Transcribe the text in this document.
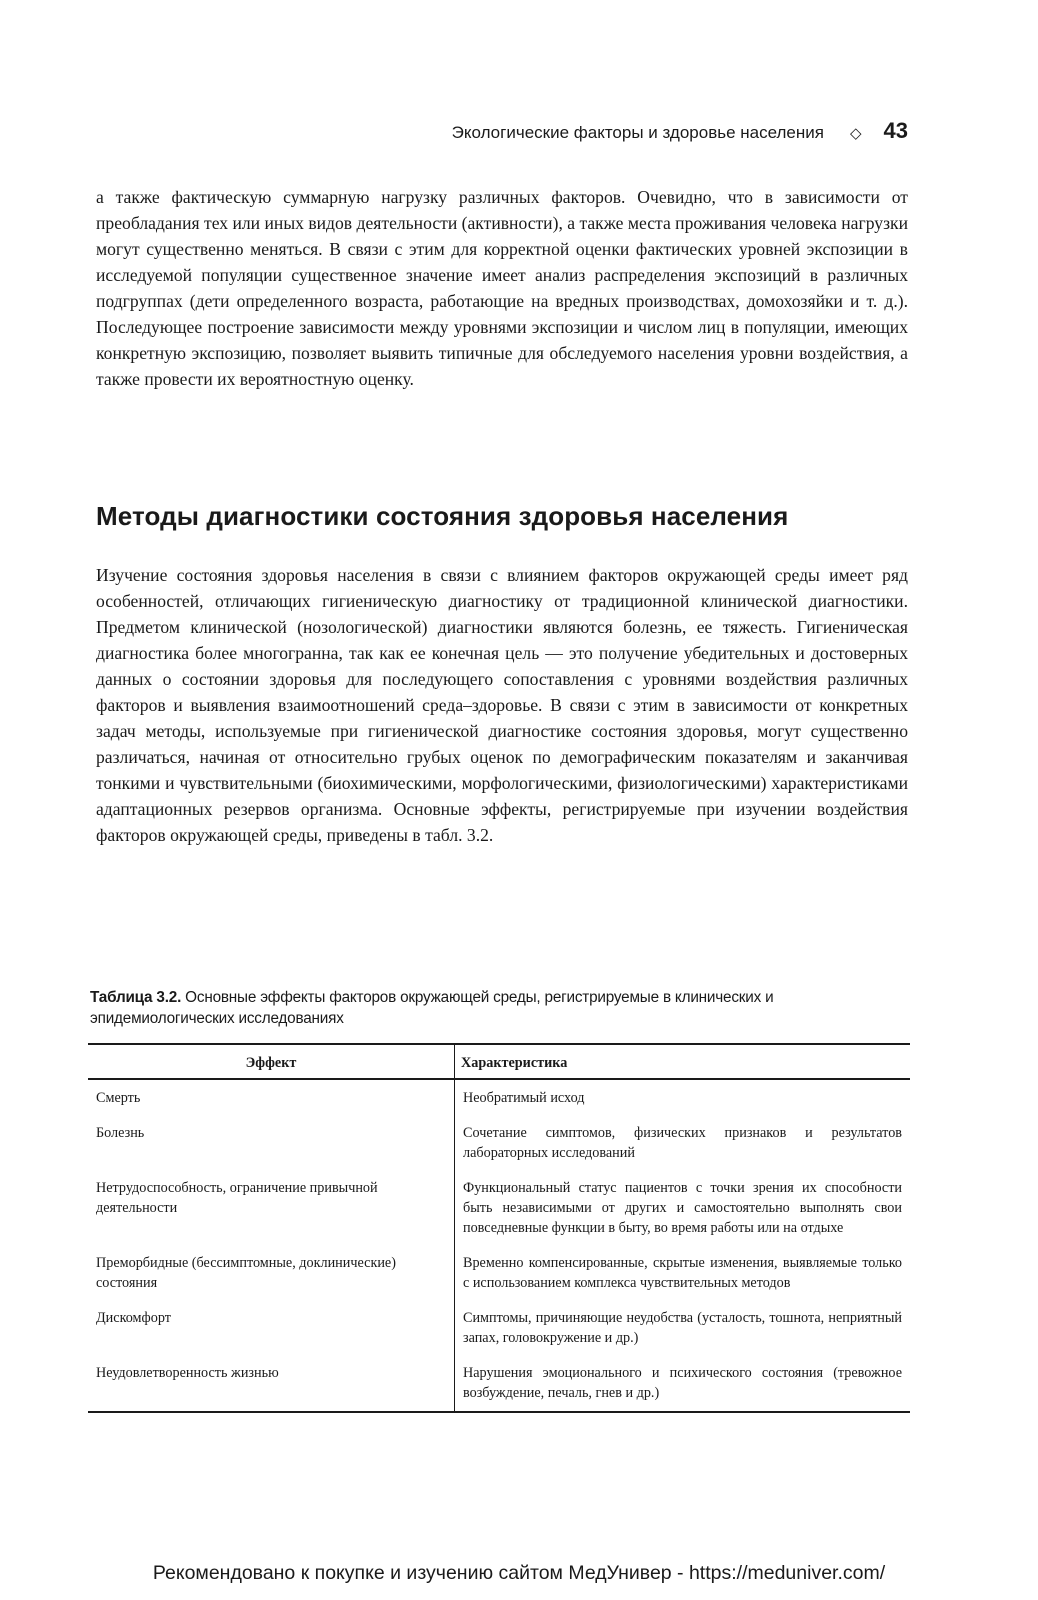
Экологические факторы и здоровье населения ◇ 43

а также фактическую суммарную нагрузку различных факторов. Очевидно, что в зависимости от преобладания тех или иных видов деятельности (активности), а также места проживания человека нагрузки могут существенно меняться. В связи с этим для корректной оценки фактических уровней экспозиции в исследуемой популяции существенное значение имеет анализ распределения экспозиций в различных подгруппах (дети определенного возраста, работающие на вредных производствах, домохозяйки и т. д.). Последующее построение зависимости между уровнями экспозиции и числом лиц в популяции, имеющих конкретную экспозицию, позволяет выявить типичные для обследуемого населения уровни воздействия, а также провести их вероятностную оценку.

Методы диагностики состояния здоровья населения

Изучение состояния здоровья населения в связи с влиянием факторов окружающей среды имеет ряд особенностей, отличающих гигиеническую диагностику от традиционной клинической диагностики. Предметом клинической (нозологической) диагностики являются болезнь, ее тяжесть. Гигиеническая диагностика более многогранна, так как ее конечная цель — это получение убедительных и достоверных данных о состоянии здоровья для последующего сопоставления с уровнями воздействия различных факторов и выявления взаимоотношений среда–здоровье. В связи с этим в зависимости от конкретных задач методы, используемые при гигиенической диагностике состояния здоровья, могут существенно различаться, начиная от относительно грубых оценок по демографическим показателям и заканчивая тонкими и чувствительными (биохимическими, морфологическими, физиологическими) характеристиками адаптационных резервов организма. Основные эффекты, регистрируемые при изучении воздействия факторов окружающей среды, приведены в табл. 3.2.

Таблица 3.2. Основные эффекты факторов окружающей среды, регистрируемые в клинических и эпидемиологических исследованиях

Эффект	Характеристика
Смерть	Необратимый исход
Болезнь	Сочетание симптомов, физических признаков и результатов лабораторных исследований
Нетрудоспособность, ограничение привычной деятельности	Функциональный статус пациентов с точки зрения их способности быть независимыми от других и самостоятельно выполнять свои повседневные функции в быту, во время работы или на отдыхе
Преморбидные (бессимптомные, доклинические) состояния	Временно компенсированные, скрытые изменения, выявляемые только с использованием комплекса чувствительных методов
Дискомфорт	Симптомы, причиняющие неудобства (усталость, тошнота, неприятный запах, головокружение и др.)
Неудовлетворенность жизнью	Нарушения эмоционального и психического состояния (тревожное возбуждение, печаль, гнев и др.)
Рекомендовано к покупке и изучению сайтом МедУнивер - https://meduniver.com/
